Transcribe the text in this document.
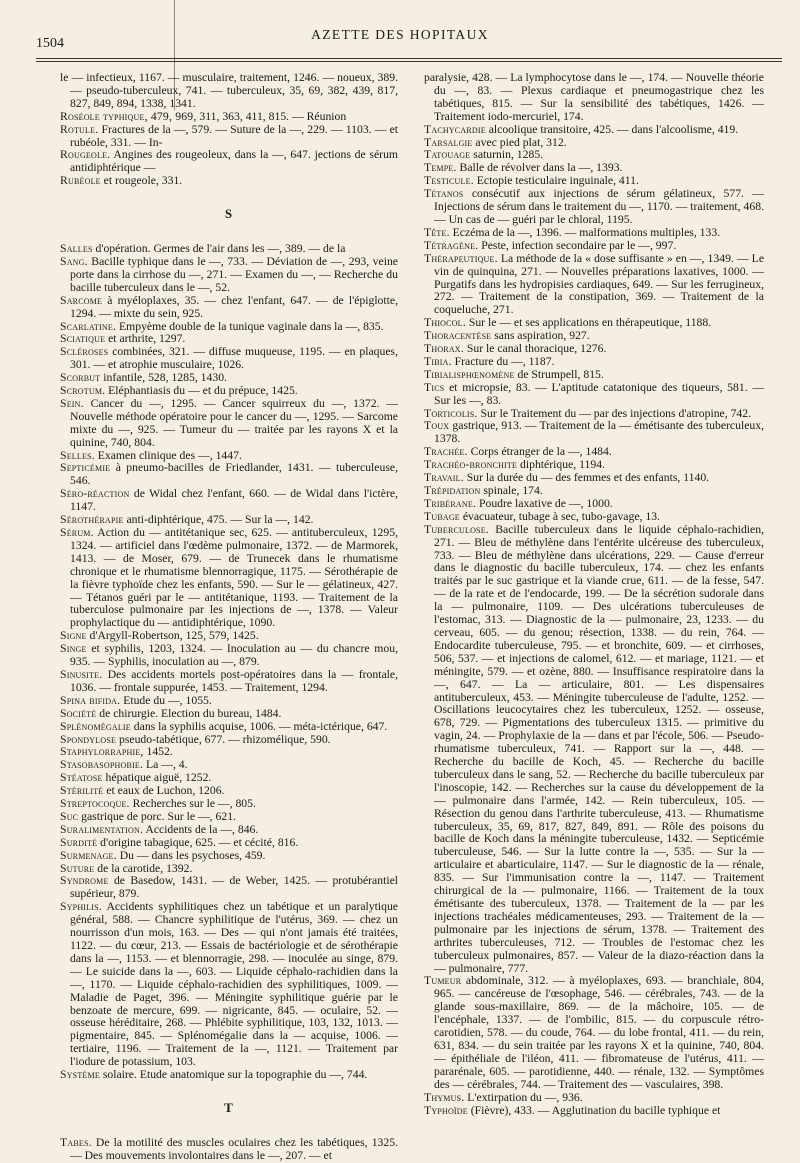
1504
AZETTE DES HOPITAUX

le — infectieux, 1167. — musculaire, traitement, 1246. — noueux, 389. — pseudo-tuberculeux, 741. — tuberculeux, 35, 69, 382, 439, 817, 827, 849, 894, 1338, 1341.

Roséole typhique, 479, 969, 311, 363, 411, 815. — Réunion

Rotule. Fractures de la —, 579. — Suture de la —, 229. — 1103. — et rubéole, 331. — In-

Rougeole. Angines des rougeoleux, dans la —, 647. jections de sérum antidiphtérique —

Rubéole et rougeole, 331.

S

Salles d'opération. Germes de l'air dans les —, 389. — de la

Sang. Bacille typhique dans le —, 733. — Déviation de —, 293, veine porte dans la cirrhose du —, 271. — Examen du —, — Recherche du bacille tuberculeux dans le —, 52.

Sarcome à myéloplaxes, 35. — chez l'enfant, 647. — de l'épiglotte, 1294. — mixte du sein, 925.

Scarlatine. Empyème double de la tunique vaginale dans la —, 835.

Sciatique et arthrite, 1297.

Scléroses combinées, 321. — diffuse muqueuse, 1195. — en plaques, 301. — et atrophie musculaire, 1026.

Scorbut infantile, 528, 1285, 1430.

Scrotum. Eléphantiasis du — et du prépuce, 1425.

Sein. Cancer du —, 1295. — Cancer squirreux du —, 1372. — Nouvelle méthode opératoire pour le cancer du —, 1295. — Sarcome mixte du —, 925. — Tumeur du — traitée par les rayons X et la quinine, 740, 804.

Selles. Examen clinique des —, 1447.

Septicémie à pneumo-bacilles de Friedlander, 1431. — tuberculeuse, 546.

Séro-réaction de Widal chez l'enfant, 660. — de Widal dans l'ictère, 1147.

Sérothérapie anti-diphtérique, 475. — Sur la —, 142.

Sérum. Action du — antitétanique sec, 625. — antituberculeux, 1295, 1324. — artificiel dans l'œdème pulmonaire, 1372. — de Marmorek, 1413. — de Moser, 679. — de Trunecek dans le rhumatisme chronique et le rhumatisme blennorragique, 1175. — Sérothérapie de la fièvre typhoïde chez les enfants, 590. — Sur le — gélatineux, 427. — Tétanos guéri par le — antitétanique, 1193. — Traitement de la tuberculose pulmonaire par les injections de —, 1378. — Valeur prophylactique du — antidiphtérique, 1090.

Signe d'Argyll-Robertson, 125, 579, 1425.

Singe et syphilis, 1203, 1324. — Inoculation au — du chancre mou, 935. — Syphilis, inoculation au —, 879.

Sinusite. Des accidents mortels post-opératoires dans la — frontale, 1036. — frontale suppurée, 1453. — Traitement, 1294.

Spina bifida. Etude du —, 1055.

Société de chirurgie. Election du bureau, 1484.

Splénomégalie dans la syphilis acquise, 1006. — méta-ictérique, 647.

Spondylose pseudo-tabétique, 677. — rhizomélique, 590.

Staphylorraphie, 1452.

Stasobasophobie. La —, 4.

Stéatose hépatique aiguë, 1252.

Stérilité et eaux de Luchon, 1206.

Streptocoque. Recherches sur le —, 805.

Suc gastrique de porc. Sur le —, 621.

Suralimentation. Accidents de la —, 846.

Surdité d'origine tabagique, 625. — et cécité, 816.

Surmenage. Du — dans les psychoses, 459.

Suture de la carotide, 1392.

Syndrome de Basedow, 1431. — de Weber, 1425. — protubérantiel supérieur, 879.

Syphilis. Accidents syphilitiques chez un tabétique et un paralytique général, 588. — Chancre syphilitique de l'utérus, 369. — chez un nourrisson d'un mois, 163. — Des — qui n'ont jamais été traitées, 1122. — du cœur, 213. — Essais de bactériologie et de sérothérapie dans la —, 1153. — et blennorragie, 298. — inoculée au singe, 879. — Le suicide dans la —, 603. — Liquide céphalo-rachidien dans la —, 1170. — Liquide céphalo-rachidien des syphilitiques, 1009. — Maladie de Paget, 396. — Méningite syphilitique guérie par le benzoate de mercure, 699. — nigricante, 845. — oculaire, 52. — osseuse héréditaire, 268. — Phlébite syphilitique, 103, 132, 1013. — pigmentaire, 845. — Splénomégalie dans la — acquise, 1006. — tertiaire, 1196. — Traitement de la —, 1121. — Traitement par l'iodure de potassium, 103.

Système solaire. Etude anatomique sur la topographie du —, 744.

T

Tabes. De la motilité des muscles oculaires chez les tabétiques, 1325. — Des mouvements involontaires dans le —, 207. — et

paralysie, 428. — La lymphocytose dans le —, 174. — Nouvelle théorie du —, 83. — Plexus cardiaque et pneumogastrique chez les tabétiques, 815. — Sur la sensibilité des tabétiques, 1426. — Traitement iodo-mercuriel, 174.

Tachycardie alcoolique transitoire, 425. — dans l'alcoolisme, 419.

Tarsalgie avec pied plat, 312.

Tatouage saturnin, 1285.

Tempe. Balle de révolver dans la —, 1393.

Testicule. Ectopie testiculaire inguinale, 411.

Tétanos consécutif aux injections de sérum gélatineux, 577. — Injections de sérum dans le traitement du —, 1170. — traitement, 468. — Un cas de — guéri par le chloral, 1195.

Tête. Eczéma de la —, 1396. — malformations multiples, 133.

Tétragène. Peste, infection secondaire par le —, 997.

Thérapeutique. La méthode de la « dose suffisante » en —, 1349. — Le vin de quinquina, 271. — Nouvelles préparations laxatives, 1000. — Purgatifs dans les hydropisies cardiaques, 649. — Sur les ferrugineux, 272. — Traitement de la constipation, 369. — Traitement de la coqueluche, 271.

Thiocol. Sur le — et ses applications en thérapeutique, 1188.

Thoracentèse sans aspiration, 927.

Thorax. Sur le canal thoracique, 1276.

Tibia. Fracture du —, 1187.

Tibialisphœnomène de Strumpell, 815.

Tics et micropsie, 83. — L'aptitude catatonique des tiqueurs, 581. — Sur les —, 83.

Torticolis. Sur le Traitement du — par des injections d'atropine, 742.

Toux gastrique, 913. — Traitement de la — émétisante des tuberculeux, 1378.

Trachée. Corps étranger de la —, 1484.

Trachéo-bronchite diphtérique, 1194.

Travail. Sur la durée du — des femmes et des enfants, 1140.

Trépidation spinale, 174.

Tribérane. Poudre laxative de —, 1000.

Tubage évacuateur, tubage à sec, tubo-gavage, 13.

Tuberculose. Bacille tuberculeux dans le liquide céphalo-rachidien, 271. — Bleu de méthylène dans l'entérite ulcéreuse des tuberculeux, 733. — Bleu de méthylène dans ulcérations, 229. — Cause d'erreur dans le diagnostic du bacille tuberculeux, 174. — chez les enfants traités par le suc gastrique et la viande crue, 611. — de la fesse, 547. — de la rate et de l'endocarde, 199. — De la sécrétion sudorale dans la — pulmonaire, 1109. — Des ulcérations tuberculeuses de l'estomac, 313. — Diagnostic de la — pulmonaire, 23, 1233. — du cerveau, 605. — du genou; résection, 1338. — du rein, 764. — Endocardite tuberculeuse, 795. — et bronchite, 609. — et cirrhoses, 506, 537. — et injections de calomel, 612. — et mariage, 1121. — et méningite, 579. — et ozène, 880. — Insuffisance respiratoire dans la —, 647. — La — articulaire, 801. — Les dispensaires antituberculeux, 453. — Méningite tuberculeuse de l'adulte, 1252. — Oscillations leucocytaires chez les tuberculeux, 1252. — osseuse, 678, 729. — Pigmentations des tuberculeux 1315. — primitive du vagin, 24. — Prophylaxie de la — dans et par l'école, 506. — Pseudo-rhumatisme tuberculeux, 741. — Rapport sur la —, 448. — Recherche du bacille de Koch, 45. — Recherche du bacille tuberculeux dans le sang, 52. — Recherche du bacille tuberculeux par l'inoscopie, 142. — Recherches sur la cause du développement de la — pulmonaire dans l'armée, 142. — Rein tuberculeux, 105. — Résection du genou dans l'arthrite tuberculeuse, 413. — Rhumatisme tuberculeux, 35, 69, 817, 827, 849, 891. — Rôle des poisons du bacille de Koch dans la méningite tuberculeuse, 1432. — Septicémie tuberculeuse, 546. — Sur la lutte contre la —, 535. — Sur la — articulaire et abarticulaire, 1147. — Sur le diagnostic de la — rénale, 835. — Sur l'immunisation contre la —, 1147. — Traitement chirurgical de la — pulmonaire, 1166. — Traitement de la toux émétisante des tuberculeux, 1378. — Traitement de la — par les injections trachéales médicamenteuses, 293. — Traitement de la — pulmonaire par les injections de sérum, 1378. — Traitement des arthrites tuberculeuses, 712. — Troubles de l'estomac chez les tuberculeux pulmonaires, 857. — Valeur de la diazo-réaction dans la — pulmonaire, 777.

Tumeur abdominale, 312. — à myéloplaxes, 693. — branchiale, 804, 965. — cancéreuse de l'œsophage, 546. — cérébrales, 743. — de la glande sous-maxillaire, 869. — de la mâchoire, 105. — de l'encéphale, 1337. — de l'ombilic, 815. — du corpuscule rétro-carotidien, 578. — du coude, 764. — du lobe frontal, 411. — du rein, 631, 834. — du sein traitée par les rayons X et la quinine, 740, 804. — épithéliale de l'iléon, 411. — fibromateuse de l'utérus, 411. — pararénale, 605. — parotidienne, 440. — rénale, 132. — Symptômes des — cérébrales, 744. — Traitement des — vasculaires, 398.

Thymus. L'extirpation du —, 936.

Typhoïde (Fièvre), 433. — Agglutination du bacille typhique et
